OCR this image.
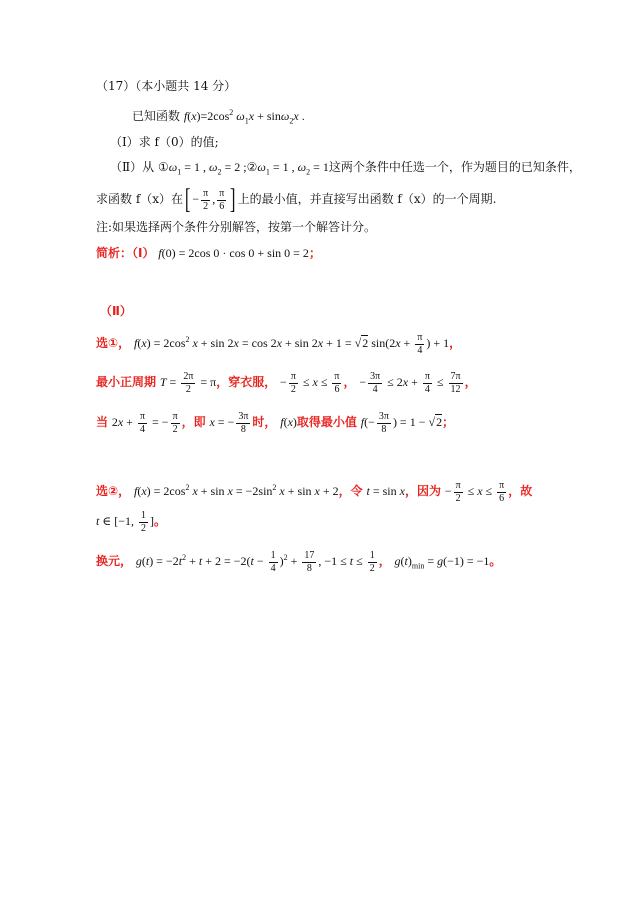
（17）（本小题共 14 分）
已知函数 $f(x)=2\cos^2$ $\omega_1x + \sin\omega_2x$ .
（Ⅰ）求 f（0）的值;
（Ⅱ）从 $①\omega_1 = 1$ , $\omega_2 = 2$ $;②\omega_1 = 1$ , $\omega_2 = 1$这两个条件中任选一个，作为题目的已知条件，
求函数 f（x）在[ − $\frac{\pi}{2}$ , $\frac{\pi}{6}$ ] 上的最小值，并直接写出函数 f（x）的一个周期.
注:如果选择两个条件分别解答，按第一个解答计分。
简析：（Ⅰ） f(0) = 2cos 0 · cos 0 + sin 0 = 2；
（Ⅱ）
选①， $f(x) = 2\cos^2$ x + sin 2x = cos 2x + sin 2x + 1 = √2 $\sin(2x + \frac{\pi}{4}$ ) + 1，
最小正周期 $T = \frac{2\pi}{2} = \pi$，穿衣服， − $\frac{\pi}{2} \le x \le \frac{\pi}{6}$ ， − $\frac{3\pi}{4} \le 2x + \frac{\pi}{4} \le \frac{7\pi}{12}$ ，
当 $2x + \frac{\pi}{4}$ = − $\frac{\pi}{2}$ ，即 x = − $\frac{3\pi}{8}$ 时， f(x)取得最小值 $f(- \frac{3\pi}{8}$ ) = 1 − √2；
选②， $f(x) = 2\cos^2$ $x + \sin x = -2\sin^2$ x + sin x + 2，令 t = sin x，因为 − $\frac{\pi}{2} \le x \le \frac{\pi}{6}$ ，故
t ∈ [−1, $\frac{1}{2}$ ]。
换元， $g(t) = -2t^2 + t + 2 = -2(t - \frac{1}{4} )^2 + \frac{17}{8}$ , $-1 \le t \le \frac{1}{2}$ ， $g(t)_{min} = g(-1) = -1$。
